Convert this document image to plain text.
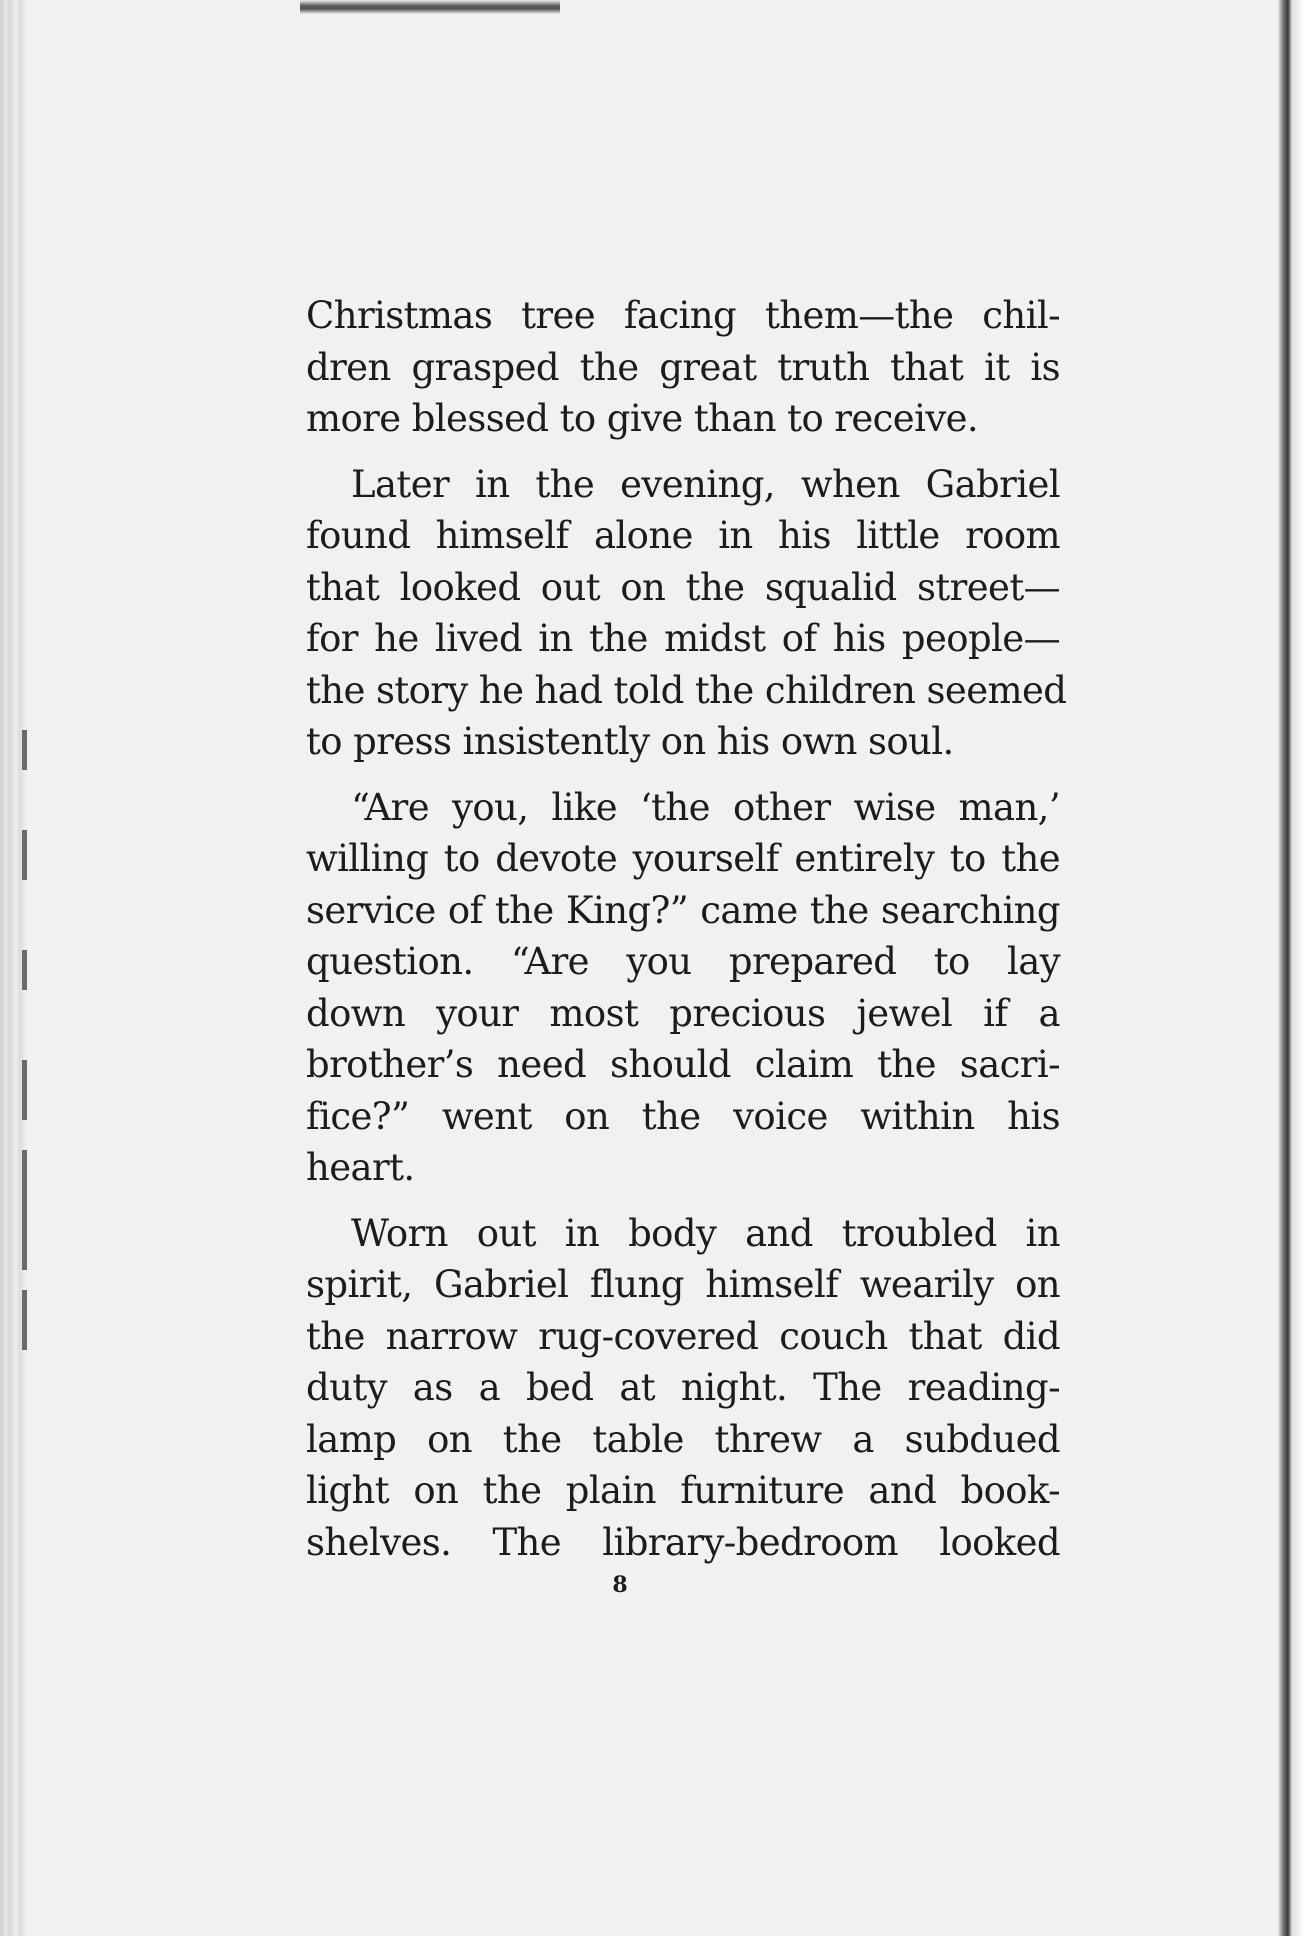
Christmas tree facing them—the chil-
dren grasped the great truth that it is
more blessed to give than to receive.
Later in the evening, when Gabriel
found himself alone in his little room
that looked out on the squalid street—
for he lived in the midst of his people—
the story he had told the children seemed
to press insistently on his own soul.
“Are you, like ‘the other wise man,’
willing to devote yourself entirely to the
service of the King?” came the searching
question. “Are you prepared to lay
down your most precious jewel if a
brother’s need should claim the sacri-
fice?” went on the voice within his
heart.
Worn out in body and troubled in
spirit, Gabriel flung himself wearily on
the narrow rug-covered couch that did
duty as a bed at night. The reading-
lamp on the table threw a subdued
light on the plain furniture and book-
shelves. The library-bedroom looked
8
